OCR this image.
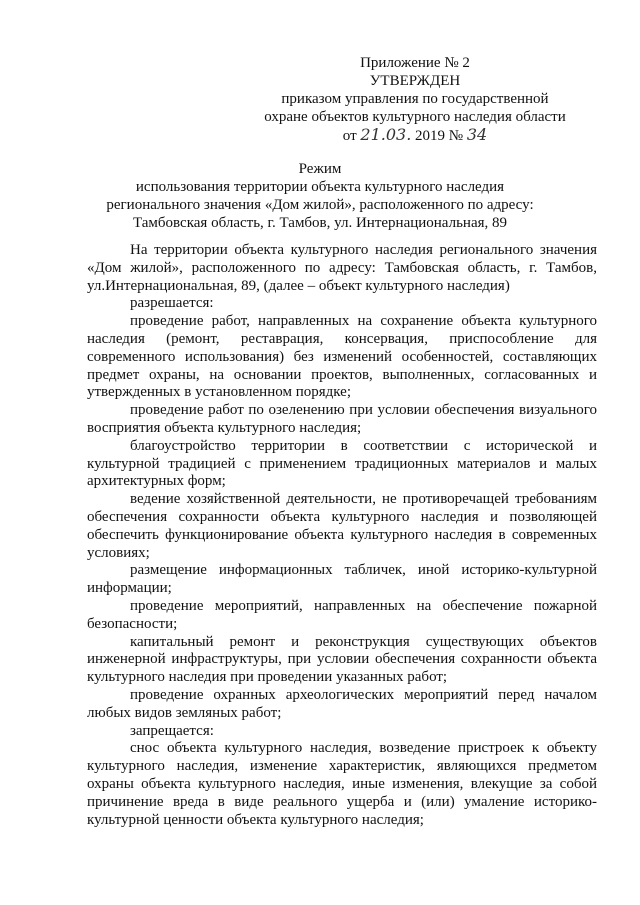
Приложение № 2
УТВЕРЖДЕН
приказом управления по государственной
охране объектов культурного наследия области
от 21.03. 2019 № 34
Режим
использования территории объекта культурного наследия
регионального значения «Дом жилой», расположенного по адресу:
Тамбовская область, г. Тамбов, ул. Интернациональная, 89

На территории объекта культурного наследия регионального значения «Дом жилой», расположенного по адресу: Тамбовская область, г. Тамбов, ул.Интернациональная, 89, (далее – объект культурного наследия)

разрешается:

проведение работ, направленных на сохранение объекта культурного наследия (ремонт, реставрация, консервация, приспособление для современного использования) без изменений особенностей, составляющих предмет охраны, на основании проектов, выполненных, согласованных и утвержденных в установленном порядке;

проведение работ по озеленению при условии обеспечения визуального восприятия объекта культурного наследия;

благоустройство территории в соответствии с исторической и культурной традицией с применением традиционных материалов и малых архитектурных форм;

ведение хозяйственной деятельности, не противоречащей требованиям обеспечения сохранности объекта культурного наследия и позволяющей обеспечить функционирование объекта культурного наследия в современных условиях;

размещение информационных табличек, иной историко-культурной информации;

проведение мероприятий, направленных на обеспечение пожарной безопасности;

капитальный ремонт и реконструкция существующих объектов инженерной инфраструктуры, при условии обеспечения сохранности объекта культурного наследия при проведении указанных работ;

проведение охранных археологических мероприятий перед началом любых видов земляных работ;

запрещается:

снос объекта культурного наследия, возведение пристроек к объекту культурного наследия, изменение характеристик, являющихся предметом охраны объекта культурного наследия, иные изменения, влекущие за собой причинение вреда в виде реального ущерба и (или) умаление историко-культурной ценности объекта культурного наследия;
